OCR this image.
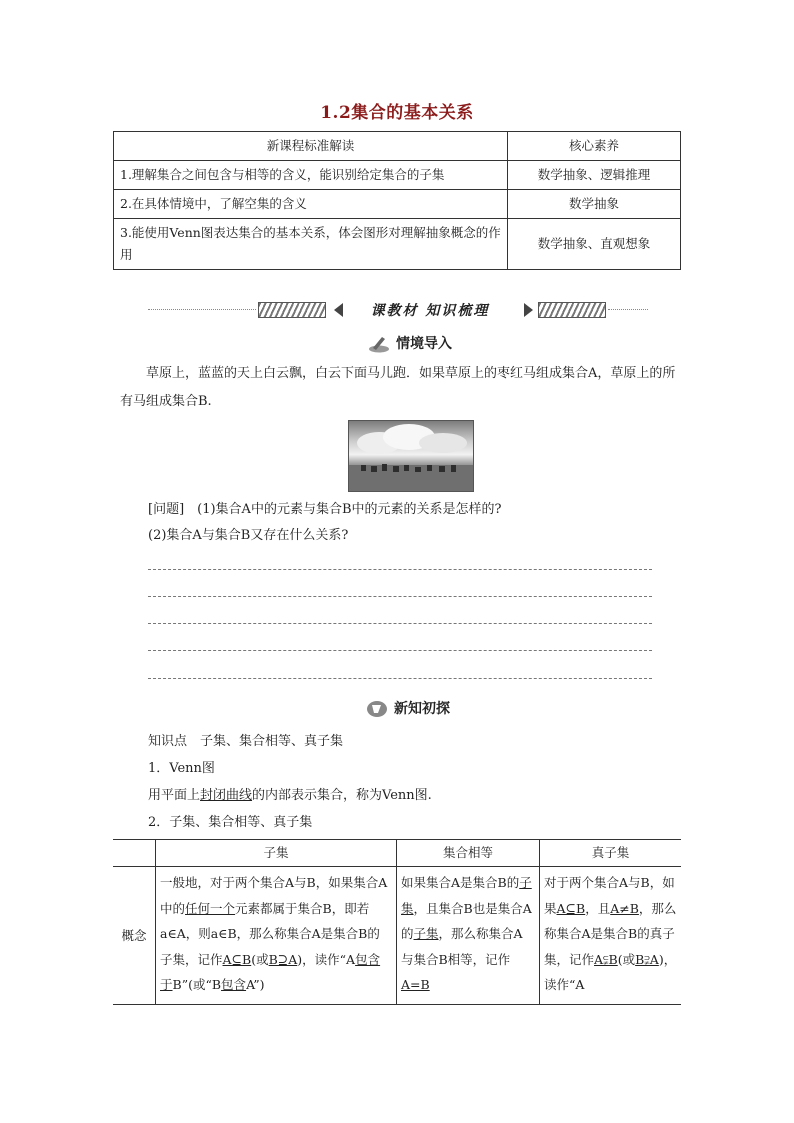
1.2集合的基本关系
新课程标准解读	核心素养
1.理解集合之间包含与相等的含义，能识别给定集合的子集	数学抽象、逻辑推理
2.在具体情境中，了解空集的含义	数学抽象
3.能使用Venn图表达集合的基本关系，体会图形对理解抽象概念的作用	数学抽象、直观想象
课教材 知识梳理
情境导入
草原上，蓝蓝的天上白云飘，白云下面马儿跑．如果草原上的枣红马组成集合A，草原上的所有马组成集合B.
[问题]　(1)集合A中的元素与集合B中的元素的关系是怎样的?
(2)集合A与集合B又存在什么关系?
新知初探
知识点　子集、集合相等、真子集
1．Venn图
用平面上封闭曲线的内部表示集合，称为Venn图.
2．子集、集合相等、真子集
	子集	集合相等	真子集
概念	一般地，对于两个集合A与B，如果集合A中的任何一个元素都属于集合B，即若a∈A，则a∈B，那么称集合A是集合B的子集，记作A⊆B(或B⊇A)，读作“A包含于B”(或“B包含A”)	如果集合A是集合B的子集，且集合B也是集合A的子集，那么称集合A与集合B相等，记作A=B	对于两个集合A与B，如果A⊆B，且A≠B，那么称集合A是集合B的真子集，记作A⫋B(或B⫌A)，读作“A
